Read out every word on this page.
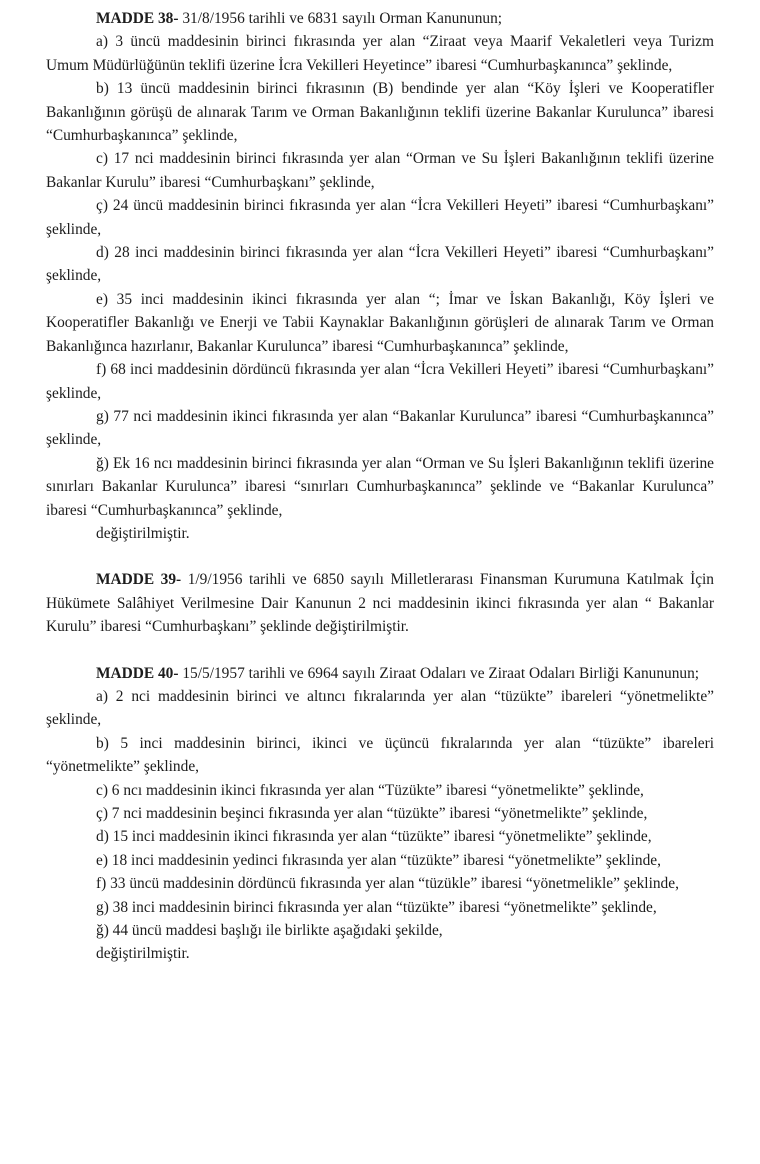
MADDE 38- 31/8/1956 tarihli ve 6831 sayılı Orman Kanununun;

a) 3 üncü maddesinin birinci fıkrasında yer alan “Ziraat veya Maarif Vekaletleri veya Turizm Umum Müdürlüğünün teklifi üzerine İcra Vekilleri Heyetince” ibaresi “Cumhurbaşkanınca” şeklinde,

b) 13 üncü maddesinin birinci fıkrasının (B) bendinde yer alan “Köy İşleri ve Kooperatifler Bakanlığının görüşü de alınarak Tarım ve Orman Bakanlığının teklifi üzerine Bakanlar Kurulunca” ibaresi “Cumhurbaşkanınca” şeklinde,

c) 17 nci maddesinin birinci fıkrasında yer alan “Orman ve Su İşleri Bakanlığının teklifi üzerine Bakanlar Kurulu” ibaresi “Cumhurbaşkanı” şeklinde,

ç) 24 üncü maddesinin birinci fıkrasında yer alan “İcra Vekilleri Heyeti” ibaresi “Cumhurbaşkanı” şeklinde,

d) 28 inci maddesinin birinci fıkrasında yer alan “İcra Vekilleri Heyeti” ibaresi “Cumhurbaşkanı” şeklinde,

e) 35 inci maddesinin ikinci fıkrasında yer alan “; İmar ve İskan Bakanlığı, Köy İşleri ve Kooperatifler Bakanlığı ve Enerji ve Tabii Kaynaklar Bakanlığının görüşleri de alınarak Tarım ve Orman Bakanlığınca hazırlanır, Bakanlar Kurulunca” ibaresi “Cumhurbaşkanınca” şeklinde,

f) 68 inci maddesinin dördüncü fıkrasında yer alan “İcra Vekilleri Heyeti” ibaresi “Cumhurbaşkanı” şeklinde,

g) 77 nci maddesinin ikinci fıkrasında yer alan “Bakanlar Kurulunca” ibaresi “Cumhurbaşkanınca” şeklinde,

ğ) Ek 16 ncı maddesinin birinci fıkrasında yer alan “Orman ve Su İşleri Bakanlığının teklifi üzerine sınırları Bakanlar Kurulunca” ibaresi “sınırları Cumhurbaşkanınca” şeklinde ve “Bakanlar Kurulunca” ibaresi “Cumhurbaşkanınca” şeklinde,

değiştirilmiştir.

MADDE 39- 1/9/1956 tarihli ve 6850 sayılı Milletlerarası Finansman Kurumuna Katılmak İçin Hükümete Salâhiyet Verilmesine Dair Kanunun 2 nci maddesinin ikinci fıkrasında yer alan “ Bakanlar Kurulu” ibaresi “Cumhurbaşkanı” şeklinde değiştirilmiştir.

MADDE 40- 15/5/1957 tarihli ve 6964 sayılı Ziraat Odaları ve Ziraat Odaları Birliği Kanununun;

a) 2 nci maddesinin birinci ve altıncı fıkralarında yer alan “tüzükte” ibareleri “yönetmelikte” şeklinde,

b) 5 inci maddesinin birinci, ikinci ve üçüncü fıkralarında yer alan “tüzükte” ibareleri “yönetmelikte” şeklinde,

c) 6 ncı maddesinin ikinci fıkrasında yer alan “Tüzükte” ibaresi “yönetmelikte” şeklinde,

ç) 7 nci maddesinin beşinci fıkrasında yer alan “tüzükte” ibaresi “yönetmelikte” şeklinde,

d) 15 inci maddesinin ikinci fıkrasında yer alan “tüzükte” ibaresi “yönetmelikte” şeklinde,

e) 18 inci maddesinin yedinci fıkrasında yer alan “tüzükte” ibaresi “yönetmelikte” şeklinde,

f) 33 üncü maddesinin dördüncü fıkrasında yer alan “tüzükle” ibaresi “yönetmelikle” şeklinde,

g) 38 inci maddesinin birinci fıkrasında yer alan “tüzükte” ibaresi “yönetmelikte” şeklinde,

ğ) 44 üncü maddesi başlığı ile birlikte aşağıdaki şekilde,

değiştirilmiştir.
